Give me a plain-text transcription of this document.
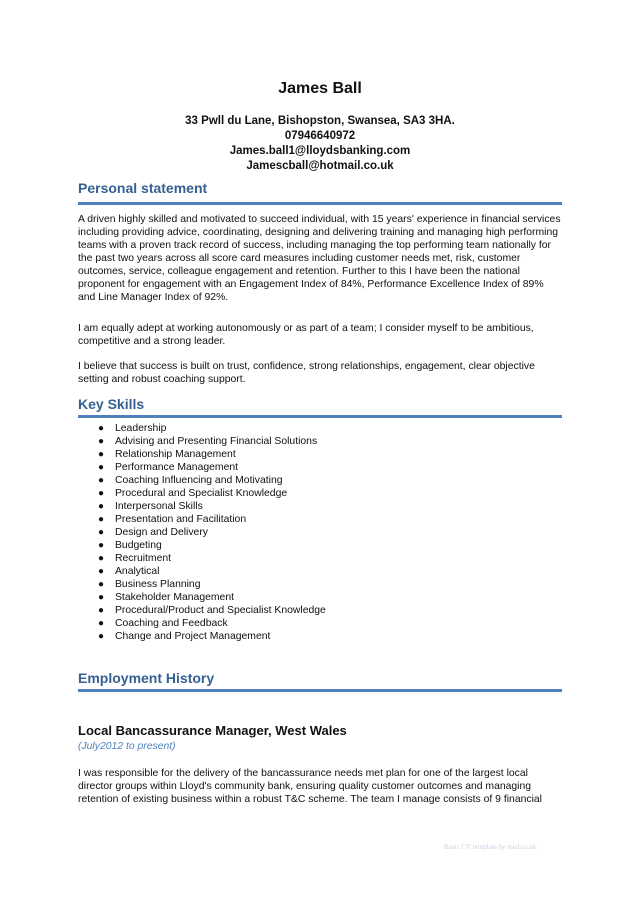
James Ball
33 Pwll du Lane, Bishopston, Swansea, SA3 3HA.
07946640972
James.ball1@lloydsbanking.com
Jamescball@hotmail.co.uk
Personal statement

A driven highly skilled and motivated to succeed individual, with 15 years' experience in financial services including providing advice, coordinating, designing and delivering training and managing high performing teams with a proven track record of success, including managing the top performing team nationally for the past two years across all score card measures including customer needs met, risk, customer outcomes, service, colleague engagement and retention. Further to this I have been the national proponent for engagement with an Engagement Index of 84%, Performance Excellence Index of 89% and Line Manager Index of 92%.

I am equally adept at working autonomously or as part of a team; I consider myself to be ambitious, competitive and a strong leader.

I believe that success is built on trust, confidence, strong relationships, engagement, clear objective setting and robust coaching support.

Key Skills
● Leadership
● Advising and Presenting Financial Solutions
● Relationship Management
● Performance Management
● Coaching Influencing and Motivating
● Procedural and Specialist Knowledge
● Interpersonal Skills
● Presentation and Facilitation
● Design and Delivery
● Budgeting
● Recruitment
● Analytical
● Business Planning
● Stakeholder Management
● Procedural/Product and Specialist Knowledge
● Coaching and Feedback
● Change and Project Management
Employment History
Local Bancassurance Manager, West Wales
(July2012 to present)

I was responsible for the delivery of the bancassurance needs met plan for one of the largest local director groups within Lloyd's community bank, ensuring quality customer outcomes and managing retention of existing business within a robust T&C scheme. The team I manage consists of 9 financial

Basic CV template by reed.co.uk
